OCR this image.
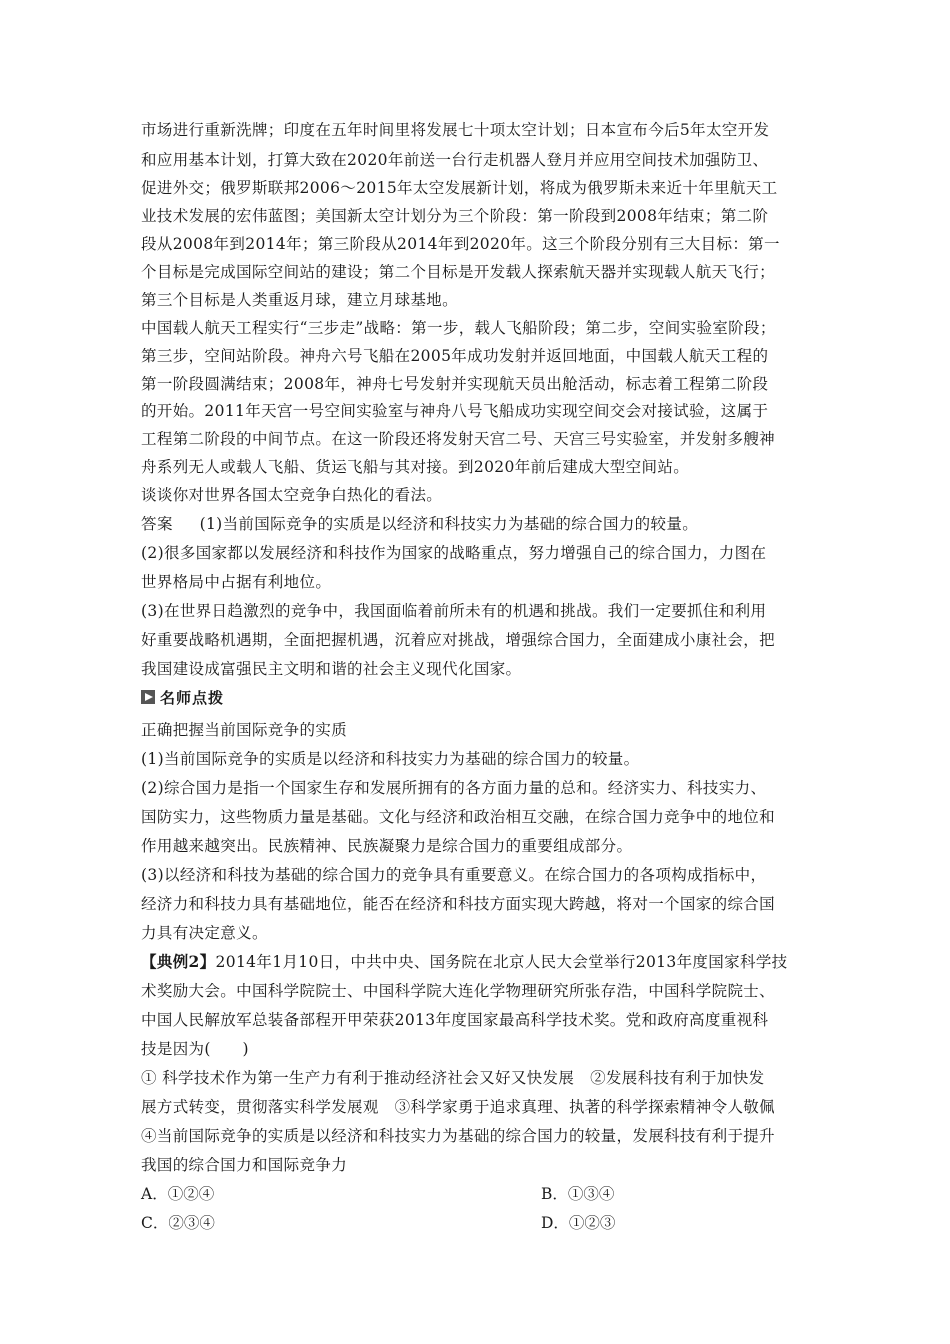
市场进行重新洗牌；印度在五年时间里将发展七十项太空计划；日本宣布今后5年太空开发
和应用基本计划，打算大致在2020年前送一台行走机器人登月并应用空间技术加强防卫、
促进外交；俄罗斯联邦2006～2015年太空发展新计划，将成为俄罗斯未来近十年里航天工
业技术发展的宏伟蓝图；美国新太空计划分为三个阶段：第一阶段到2008年结束；第二阶
段从2008年到2014年；第三阶段从2014年到2020年。这三个阶段分别有三大目标：第一
个目标是完成国际空间站的建设；第二个目标是开发载人探索航天器并实现载人航天飞行；
第三个目标是人类重返月球，建立月球基地。
中国载人航天工程实行“三步走”战略：第一步，载人飞船阶段；第二步，空间实验室阶段；
第三步，空间站阶段。神舟六号飞船在2005年成功发射并返回地面，中国载人航天工程的
第一阶段圆满结束；2008年，神舟七号发射并实现航天员出舱活动，标志着工程第二阶段
的开始。2011年天宫一号空间实验室与神舟八号飞船成功实现空间交会对接试验，这属于
工程第二阶段的中间节点。在这一阶段还将发射天宫二号、天宫三号实验室，并发射多艘神
舟系列无人或载人飞船、货运飞船与其对接。到2020年前后建成大型空间站。
谈谈你对世界各国太空竞争白热化的看法。
答案 (1)当前国际竞争的实质是以经济和科技实力为基础的综合国力的较量。
(2)很多国家都以发展经济和科技作为国家的战略重点，努力增强自己的综合国力，力图在
世界格局中占据有利地位。
(3)在世界日趋激烈的竞争中，我国面临着前所未有的机遇和挑战。我们一定要抓住和利用
好重要战略机遇期，全面把握机遇，沉着应对挑战，增强综合国力，全面建成小康社会，把
我国建设成富强民主文明和谐的社会主义现代化国家。
名师点拨
正确把握当前国际竞争的实质
(1)当前国际竞争的实质是以经济和科技实力为基础的综合国力的较量。
(2)综合国力是指一个国家生存和发展所拥有的各方面力量的总和。经济实力、科技实力、
国防实力，这些物质力量是基础。文化与经济和政治相互交融，在综合国力竞争中的地位和
作用越来越突出。民族精神、民族凝聚力是综合国力的重要组成部分。
(3)以经济和科技为基础的综合国力的竞争具有重要意义。在综合国力的各项构成指标中，
经济力和科技力具有基础地位，能否在经济和科技方面实现大跨越，将对一个国家的综合国
力具有决定意义。
【典例2】2014年1月10日，中共中央、国务院在北京人民大会堂举行2013年度国家科学技
术奖励大会。中国科学院院士、中国科学院大连化学物理研究所张存浩，中国科学院院士、
中国人民解放军总装备部程开甲荣获2013年度国家最高科学技术奖。党和政府高度重视科
技是因为(　　)
① 科学技术作为第一生产力有利于推动经济社会又好又快发展　②发展科技有利于加快发
展方式转变，贯彻落实科学发展观　③科学家勇于追求真理、执著的科学探索精神令人敬佩
④当前国际竞争的实质是以经济和科技实力为基础的综合国力的较量，发展科技有利于提升
我国的综合国力和国际竞争力
A．①②④	B．①③④
C．②③④	D．①②③
